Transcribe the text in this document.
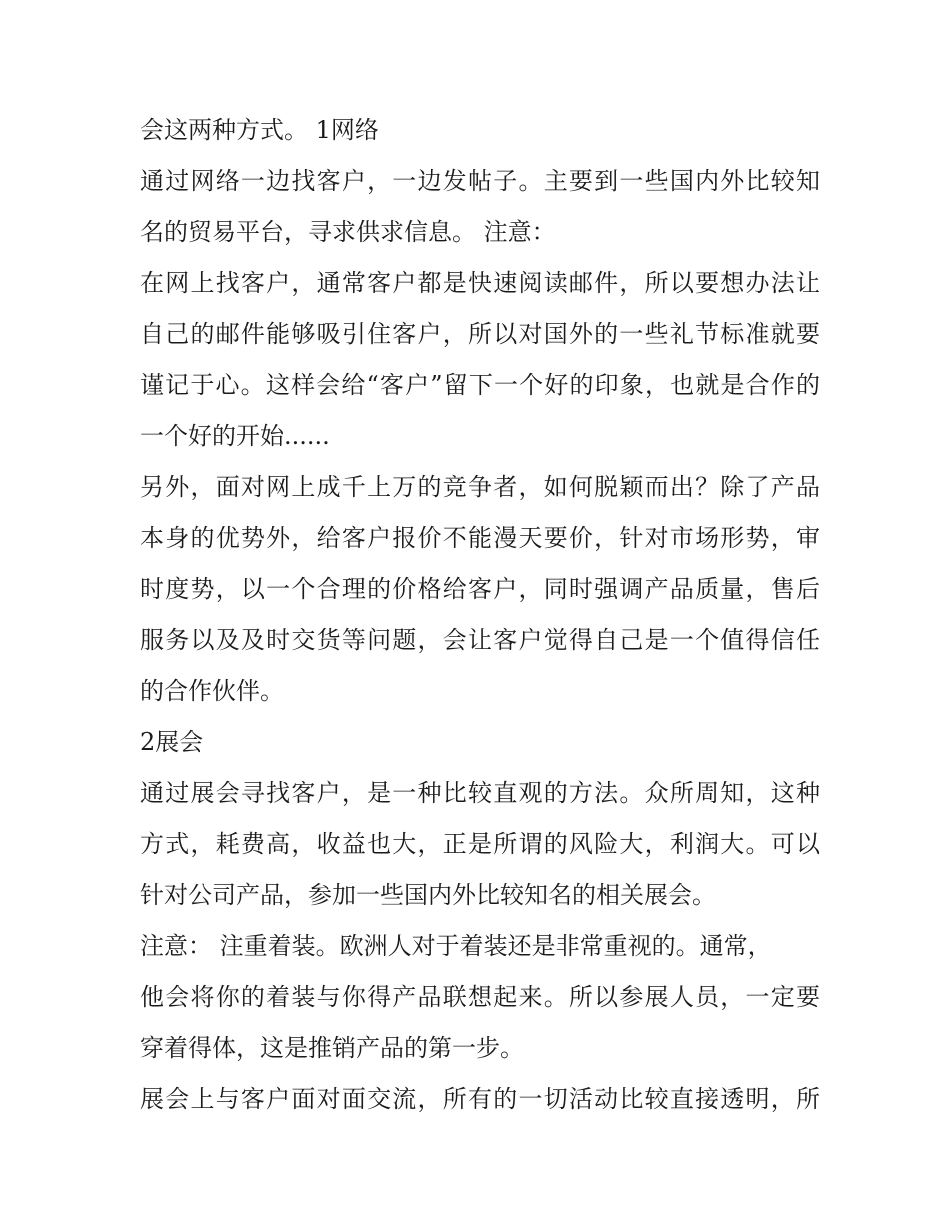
会这两种方式。 1网络
通过网络一边找客户，一边发帖子。主要到一些国内外比较知
名的贸易平台，寻求供求信息。 注意：
在网上找客户，通常客户都是快速阅读邮件，所以要想办法让
自己的邮件能够吸引住客户，所以对国外的一些礼节标准就要
谨记于心。这样会给“客户”留下一个好的印象，也就是合作的
一个好的开始......
另外，面对网上成千上万的竞争者，如何脱颖而出？除了产品
本身的优势外，给客户报价不能漫天要价，针对市场形势，审
时度势，以一个合理的价格给客户，同时强调产品质量，售后
服务以及及时交货等问题，会让客户觉得自己是一个值得信任
的合作伙伴。
2展会
通过展会寻找客户，是一种比较直观的方法。众所周知，这种
方式，耗费高，收益也大，正是所谓的风险大，利润大。可以
针对公司产品，参加一些国内外比较知名的相关展会。
注意： 注重着装。欧洲人对于着装还是非常重视的。通常，
他会将你的着装与你得产品联想起来。所以参展人员，一定要
穿着得体，这是推销产品的第一步。
展会上与客户面对面交流，所有的一切活动比较直接透明，所
